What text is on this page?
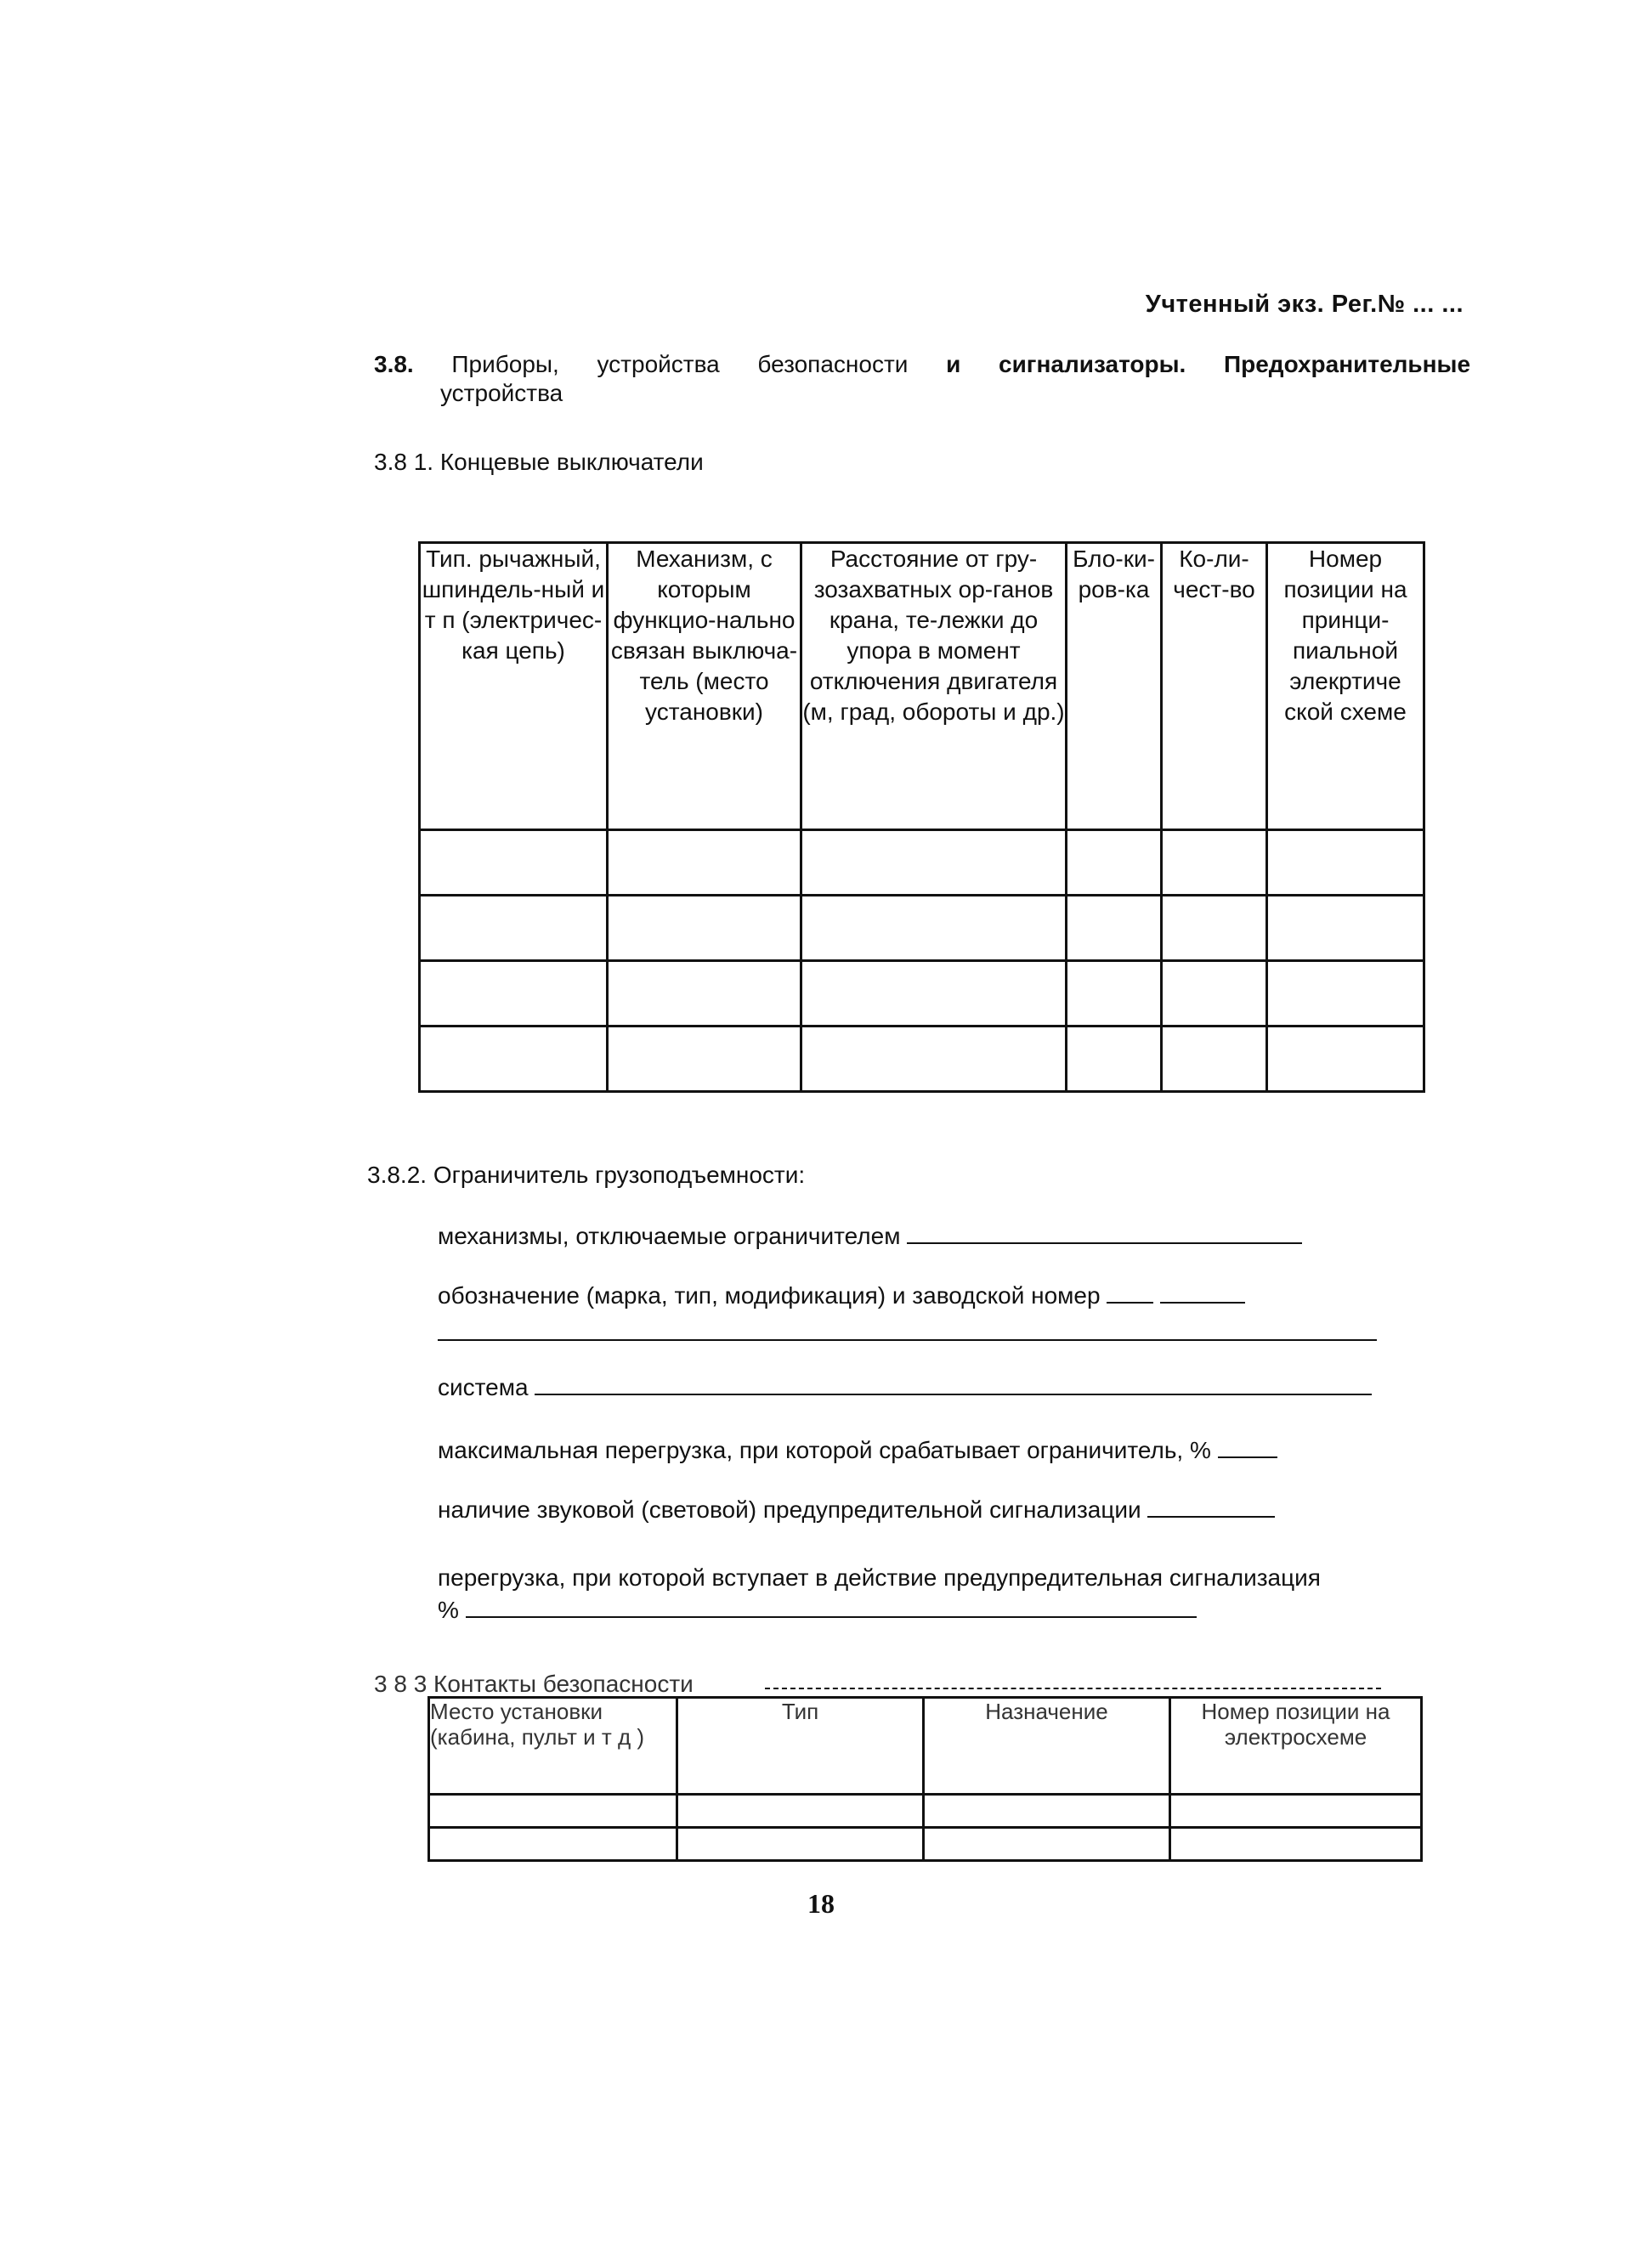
Учтенный экз. Рег.№ ... ...
3.8. Приборы, устройства безопасности и сигнализаторы. Предохранительные
устройства
3.8 1. Концевые выключатели
Тип. рычажный, шпиндель-ный и т п (электричес-кая цепь)	Механизм, с которым функцио-нально связан выключа-тель (место установки)	Расстояние от гру-зозахватных ор-ганов крана, те-лежки до упора в момент отключения двигателя (м, град, обороты и др.)	Бло-ки-ров-ка	Ко-ли-чест-во	Номер позиции на принци-пиальной элекртиче ской схеме

3.8.2. Ограничитель грузоподъемности:
механизмы, отключаемые ограничителем
обозначение (марка, тип, модификация) и заводской номер
система
максимальная перегрузка, при которой срабатывает ограничитель, %
наличие звуковой (световой) предупредительной сигнализации
перегрузка, при которой вступает в действие предупредительная сигнализация
%
3 8 3 Контакты безопасности
Место установки (кабина, пульт и т д )	Тип	Назначение	Номер позиции на электросхеме

18
